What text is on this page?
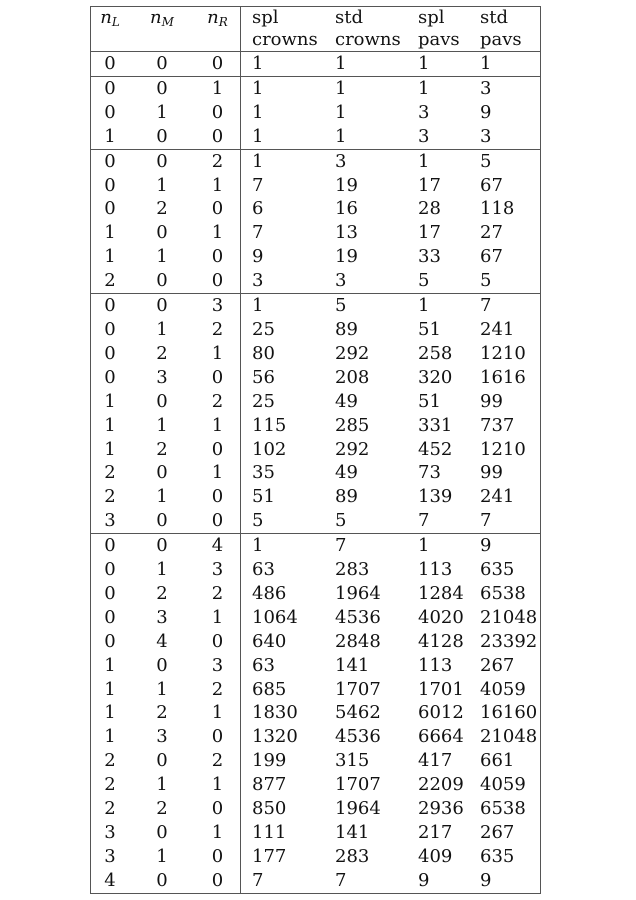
$n_L$	$n_M$	$n_R$	spl	std	spl	std
			crowns	crowns	pavs	pavs
0	0	0	1	1	1	1
0	0	1	1	1	1	3
0	1	0	1	1	3	9
1	0	0	1	1	3	3
0	0	2	1	3	1	5
0	1	1	7	19	17	67
0	2	0	6	16	28	118
1	0	1	7	13	17	27
1	1	0	9	19	33	67
2	0	0	3	3	5	5
0	0	3	1	5	1	7
0	1	2	25	89	51	241
0	2	1	80	292	258	1210
0	3	0	56	208	320	1616
1	0	2	25	49	51	99
1	1	1	115	285	331	737
1	2	0	102	292	452	1210
2	0	1	35	49	73	99
2	1	0	51	89	139	241
3	0	0	5	5	7	7
0	0	4	1	7	1	9
0	1	3	63	283	113	635
0	2	2	486	1964	1284	6538
0	3	1	1064	4536	4020	21048
0	4	0	640	2848	4128	23392
1	0	3	63	141	113	267
1	1	2	685	1707	1701	4059
1	2	1	1830	5462	6012	16160
1	3	0	1320	4536	6664	21048
2	0	2	199	315	417	661
2	1	1	877	1707	2209	4059
2	2	0	850	1964	2936	6538
3	0	1	111	141	217	267
3	1	0	177	283	409	635
4	0	0	7	7	9	9
